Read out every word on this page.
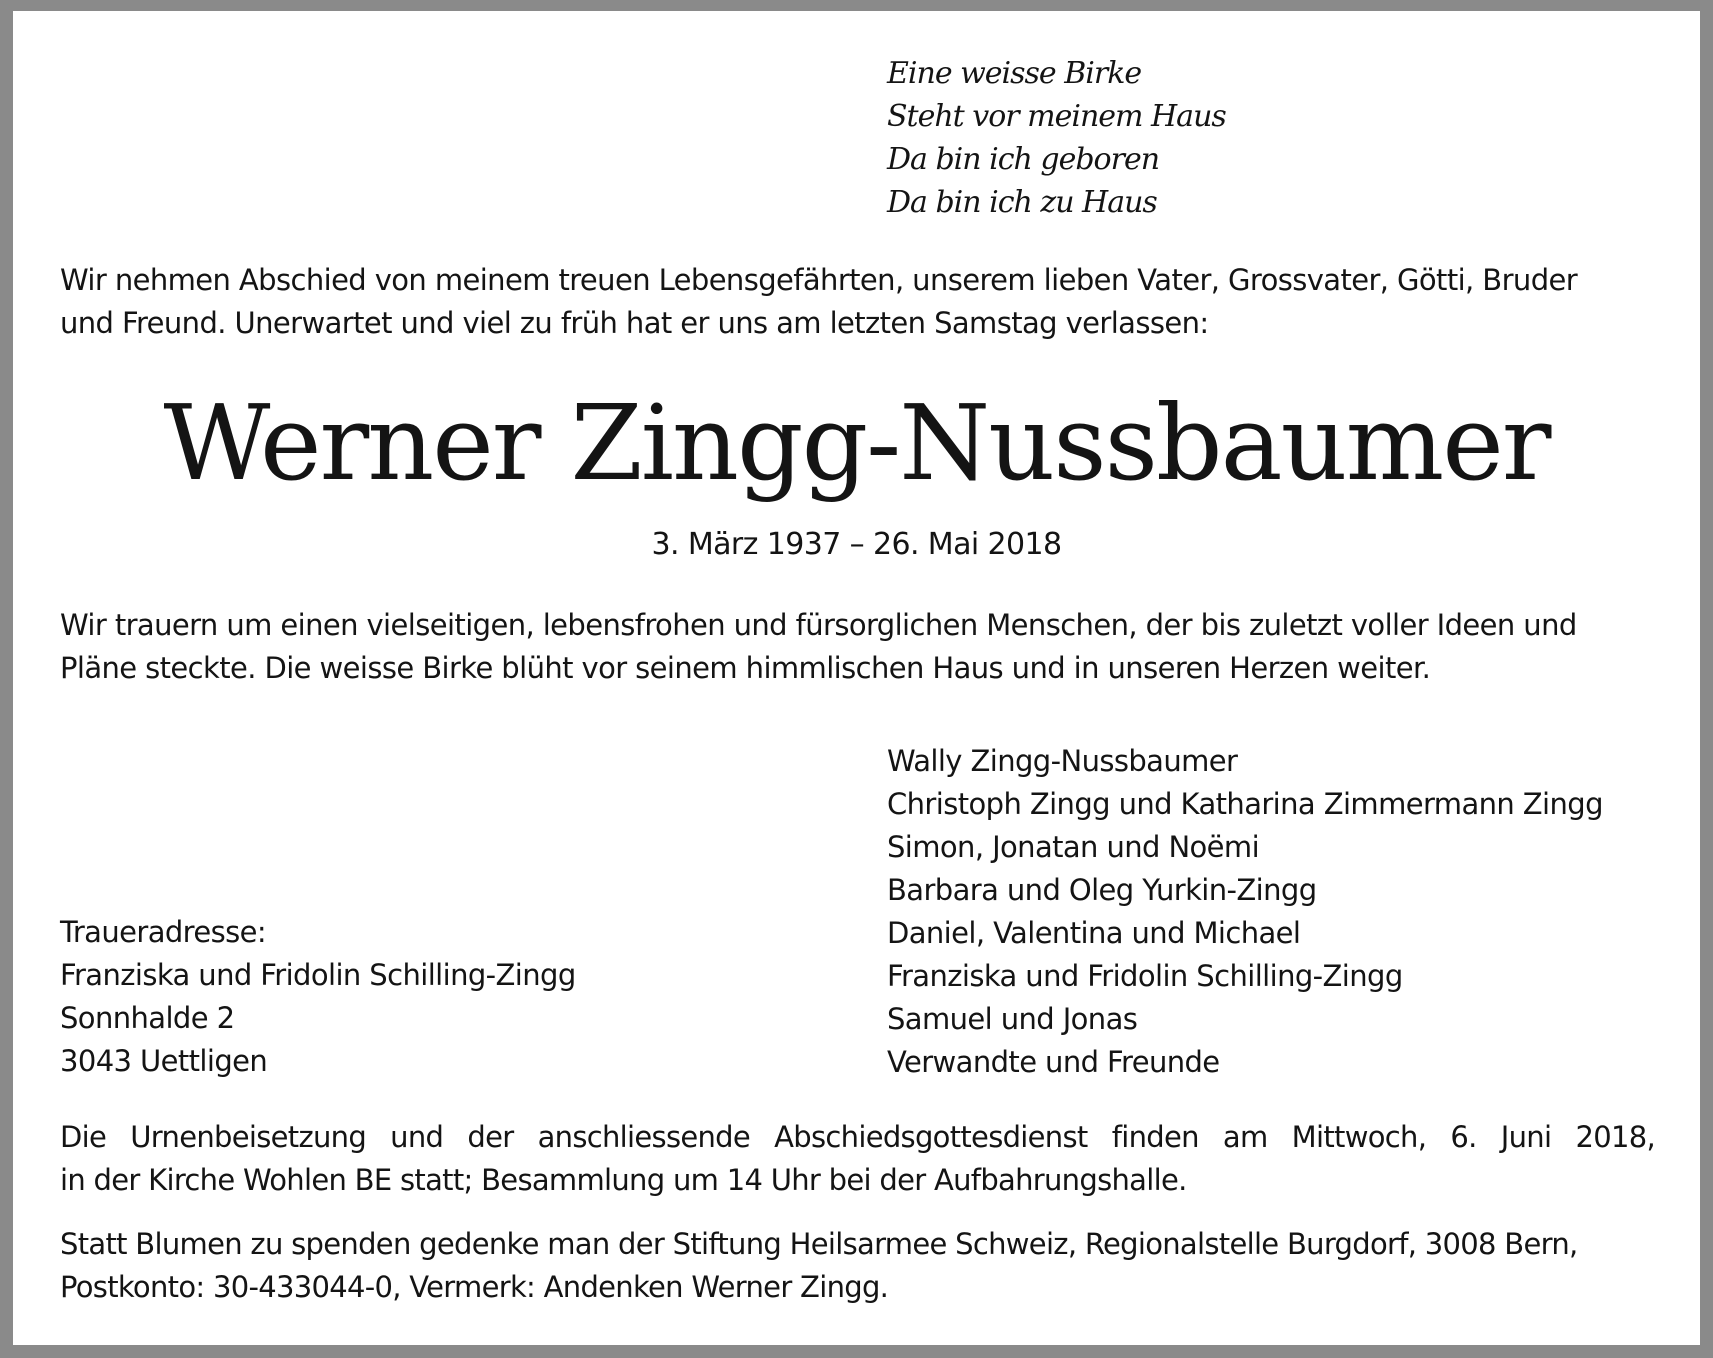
Eine weisse Birke
Steht vor meinem Haus
Da bin ich geboren
Da bin ich zu Haus
Wir nehmen Abschied von meinem treuen Lebensgefährten, unserem lieben Vater, Grossvater, Götti, Bruder
und Freund. Unerwartet und viel zu früh hat er uns am letzten Samstag verlassen:
Werner Zingg-Nussbaumer
3. März 1937 – 26. Mai 2018
Wir trauern um einen vielseitigen, lebensfrohen und fürsorglichen Menschen, der bis zuletzt voller Ideen und
Pläne steckte. Die weisse Birke blüht vor seinem himmlischen Haus und in unseren Herzen weiter.
Wally Zingg-Nussbaumer
Christoph Zingg und Katharina Zimmermann Zingg
Simon, Jonatan und Noëmi
Barbara und Oleg Yurkin-Zingg
Daniel, Valentina und Michael
Franziska und Fridolin Schilling-Zingg
Samuel und Jonas
Verwandte und Freunde
Traueradresse:
Franziska und Fridolin Schilling-Zingg
Sonnhalde 2
3043 Uettligen
Die Urnenbeisetzung und der anschliessende Abschiedsgottesdienst finden am Mittwoch, 6. Juni 2018,
in der Kirche Wohlen BE statt; Besammlung um 14 Uhr bei der Aufbahrungshalle.
Statt Blumen zu spenden gedenke man der Stiftung Heilsarmee Schweiz, Regionalstelle Burgdorf, 3008 Bern,
Postkonto: 30-433044-0, Vermerk: Andenken Werner Zingg.
